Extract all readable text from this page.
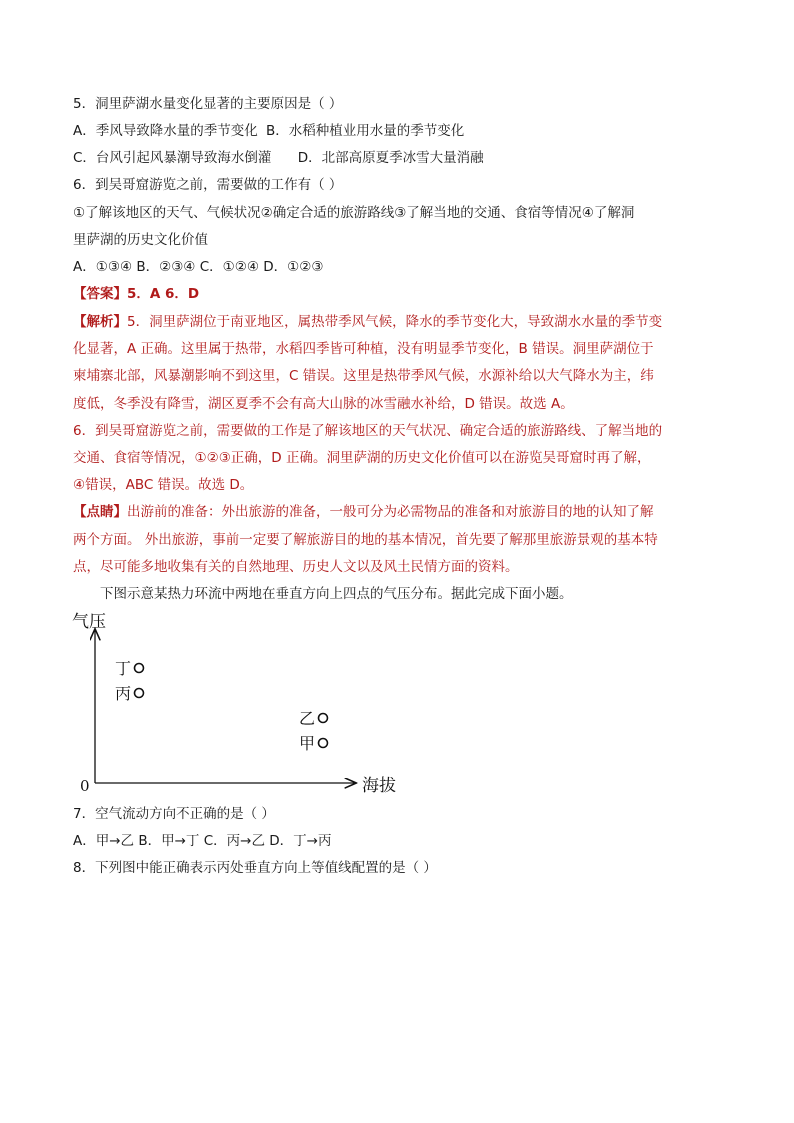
5．洞里萨湖水量变化显著的主要原因是（ ）
A．季风导致降水量的季节变化 B．水稻种植业用水量的季节变化
C．台风引起风暴潮导致海水倒灌 D．北部高原夏季冰雪大量消融
6．到吴哥窟游览之前，需要做的工作有（ ）
①了解该地区的天气、气候状况②确定合适的旅游路线③了解当地的交通、食宿等情况④了解洞
里萨湖的历史文化价值
A．①③④ B．②③④ C．①②④ D．①②③
【答案】5．A 6．D
【解析】5．洞里萨湖位于南亚地区，属热带季风气候，降水的季节变化大，导致湖水水量的季节变
化显著，A 正确。这里属于热带，水稻四季皆可种植，没有明显季节变化，B 错误。洞里萨湖位于
柬埔寨北部，风暴潮影响不到这里，C 错误。这里是热带季风气候，水源补给以大气降水为主，纬
度低，冬季没有降雪，湖区夏季不会有高大山脉的冰雪融水补给，D 错误。故选 A。
6．到吴哥窟游览之前，需要做的工作是了解该地区的天气状况、确定合适的旅游路线、了解当地的
交通、食宿等情况，①②③正确，D 正确。洞里萨湖的历史文化价值可以在游览吴哥窟时再了解，
④错误，ABC 错误。故选 D。
【点睛】出游前的准备：外出旅游的准备，一般可分为必需物品的准备和对旅游目的地的认知了解
两个方面。 外出旅游，事前一定要了解旅游目的地的基本情况，首先要了解那里旅游景观的基本特
点，尽可能多地收集有关的自然地理、历史人文以及风土民情方面的资料。
下图示意某热力环流中两地在垂直方向上四点的气压分布。据此完成下面小题。
气压
海拔
0
丁
丙
乙
甲
7．空气流动方向不正确的是（ ）
A．甲→乙 B．甲→丁 C．丙→乙 D．丁→丙
8．下列图中能正确表示丙处垂直方向上等值线配置的是（ ）
